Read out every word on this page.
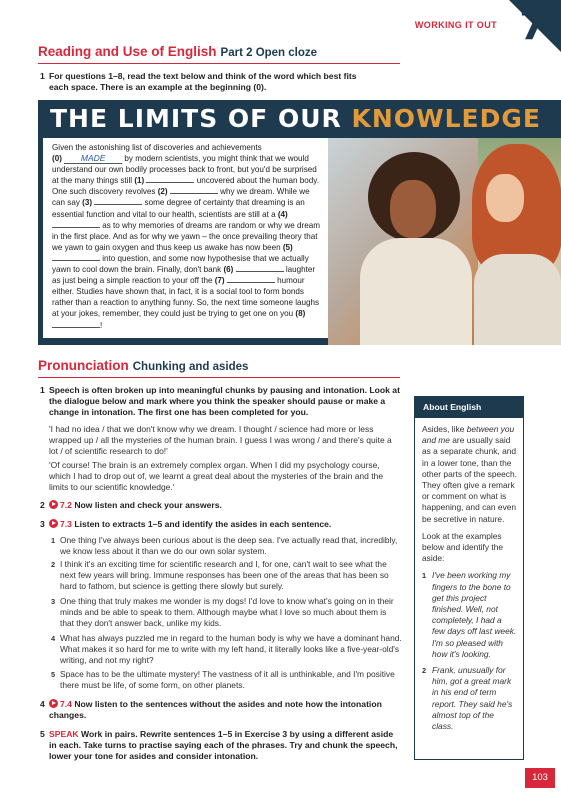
WORKING IT OUT 7
Reading and Use of English Part 2 Open cloze
1 For questions 1–8, read the text below and think of the word which best fits each space. There is an example at the beginning (0).
THE LIMITS OF OUR KNOWLEDGE
Given the astonishing list of discoveries and achievements
(0) MADE by modern scientists, you might think that we would understand our own bodily processes back to front, but you'd be surprised at the many things still (1)	uncovered about the human body. One such discovery revolves (2)	why we dream. While we can say (3)	some degree of certainty that dreaming is an essential function and vital to our health, scientists are still at a (4)  as to why memories of dreams are random or why we dream in the first place. And as for why we yawn – the once prevailing theory that we yawn to gain oxygen and thus keep us awake has now been (5)  into question, and some now hypothesise that we actually yawn to cool down the brain. Finally, don't bank (6)	laughter as just being a simple reaction to your off the (7)	humour either. Studies have shown that, in fact, it is a social tool to form bonds rather than a reaction to anything funny. So, the next time someone laughs at your jokes, remember, they could just be trying to get one on you (8) !
Pronunciation Chunking and asides
1 Speech is often broken up into meaningful chunks by pausing and intonation. Look at the dialogue below and mark where you think the speaker should pause or make a change in intonation. The first one has been completed for you.
'I had no idea / that we don't know why we dream. I thought / science had more or less wrapped up / all the mysteries of the human brain. I guess I was wrong / and there's quite a lot / of scientific research to do!'
'Of course! The brain is an extremely complex organ. When I did my psychology course, which I had to drop out of, we learnt a great deal about the mysteries of the brain and the limits to our scientific knowledge.'
2 7.2 Now listen and check your answers.
3 7.3 Listen to extracts 1–5 and identify the asides in each sentence.
1 One thing I've always been curious about is the deep sea. I've actually read that, incredibly, we know less about it than we do our own solar system.
2 I think it's an exciting time for scientific research and I, for one, can't wait to see what the next few years will bring. Immune responses has been one of the areas that has been so hard to fathom, but science is getting there slowly but surely.
3 One thing that truly makes me wonder is my dogs! I'd love to know what's going on in their minds and be able to speak to them. Although maybe what I love so much about them is that they don't answer back, unlike my kids.
4 What has always puzzled me in regard to the human body is why we have a dominant hand. What makes it so hard for me to write with my left hand, it literally looks like a five-year-old's writing, and not my right?
5 Space has to be the ultimate mystery! The vastness of it all is unthinkable, and I'm positive there must be life, of some form, on other planets.
4 7.4 Now listen to the sentences without the asides and note how the intonation changes.
5 SPEAK Work in pairs. Rewrite sentences 1–5 in Exercise 3 by using a different aside in each. Take turns to practise saying each of the phrases. Try and chunk the speech, lower your tone for asides and consider intonation.
About English

Asides, like between you and me are usually said as a separate chunk, and in a lower tone, than the other parts of the speech. They often give a remark or comment on what is happening, and can even be secretive in nature.

Look at the examples below and identify the aside:

1 I've been working my fingers to the bone to get this project finished. Well, not completely, I had a few days off last week. I'm so pleased with how it's looking.
2 Frank, unusually for him, got a great mark in his end of term report. They said he's almost top of the class.
103
